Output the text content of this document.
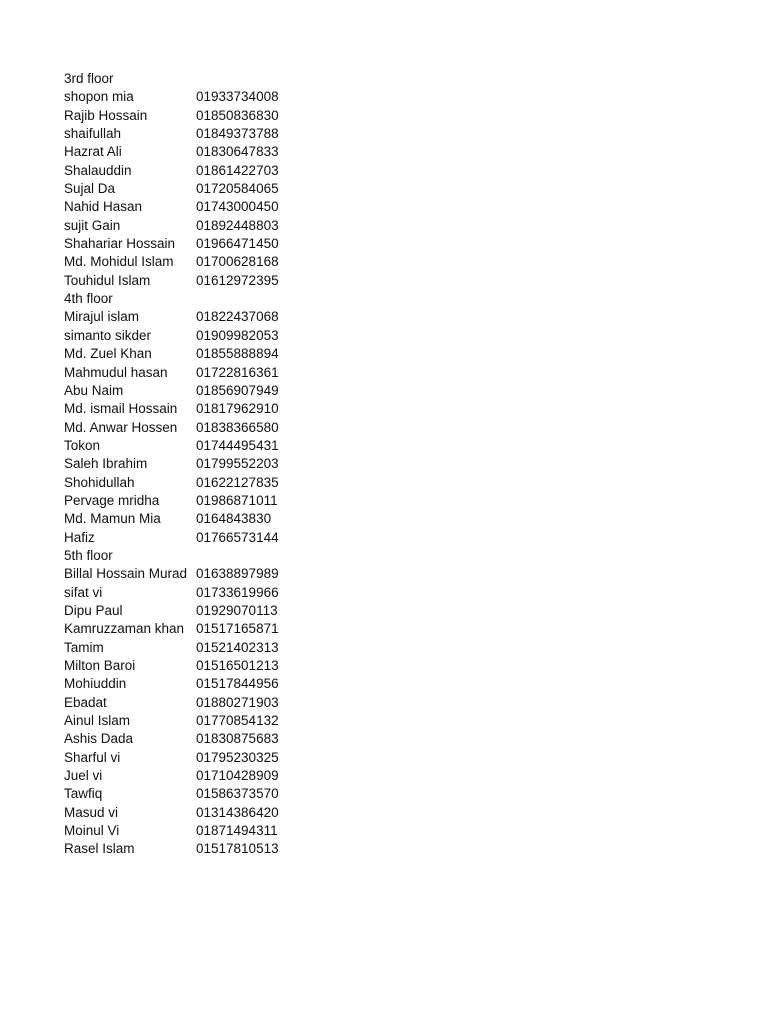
3rd floor
shopon mia	01933734008
Rajib Hossain	01850836830
shaifullah	01849373788
Hazrat Ali	01830647833
Shalauddin	01861422703
Sujal Da	01720584065
Nahid Hasan	01743000450
sujit Gain	01892448803
Shahariar Hossain 01966471450
Md. Mohidul Islam 01700628168
Touhidul Islam	01612972395
4th floor
Mirajul islam	01822437068
simanto sikder	01909982053
Md. Zuel Khan	01855888894
Mahmudul hasan 01722816361
Abu Naim	01856907949
Md. ismail Hossain 01817962910
Md. Anwar Hossen 01838366580
Tokon	01744495431
Saleh Ibrahim	01799552203
Shohidullah	01622127835
Pervage mridha	01986871011
Md. Mamun Mia	0164843830
Hafiz	01766573144
5th floor
Billal Hossain Murad 01638897989
sifat vi	01733619966
Dipu Paul	01929070113
Kamruzzaman khan 01517165871
Tamim	01521402313
Milton Baroi	01516501213
Mohiuddin	01517844956
Ebadat	01880271903
Ainul Islam	01770854132
Ashis Dada	01830875683
Sharful vi	01795230325
Juel vi	01710428909
Tawfiq	01586373570
Masud vi	01314386420
Moinul Vi	01871494311
Rasel Islam	01517810513
